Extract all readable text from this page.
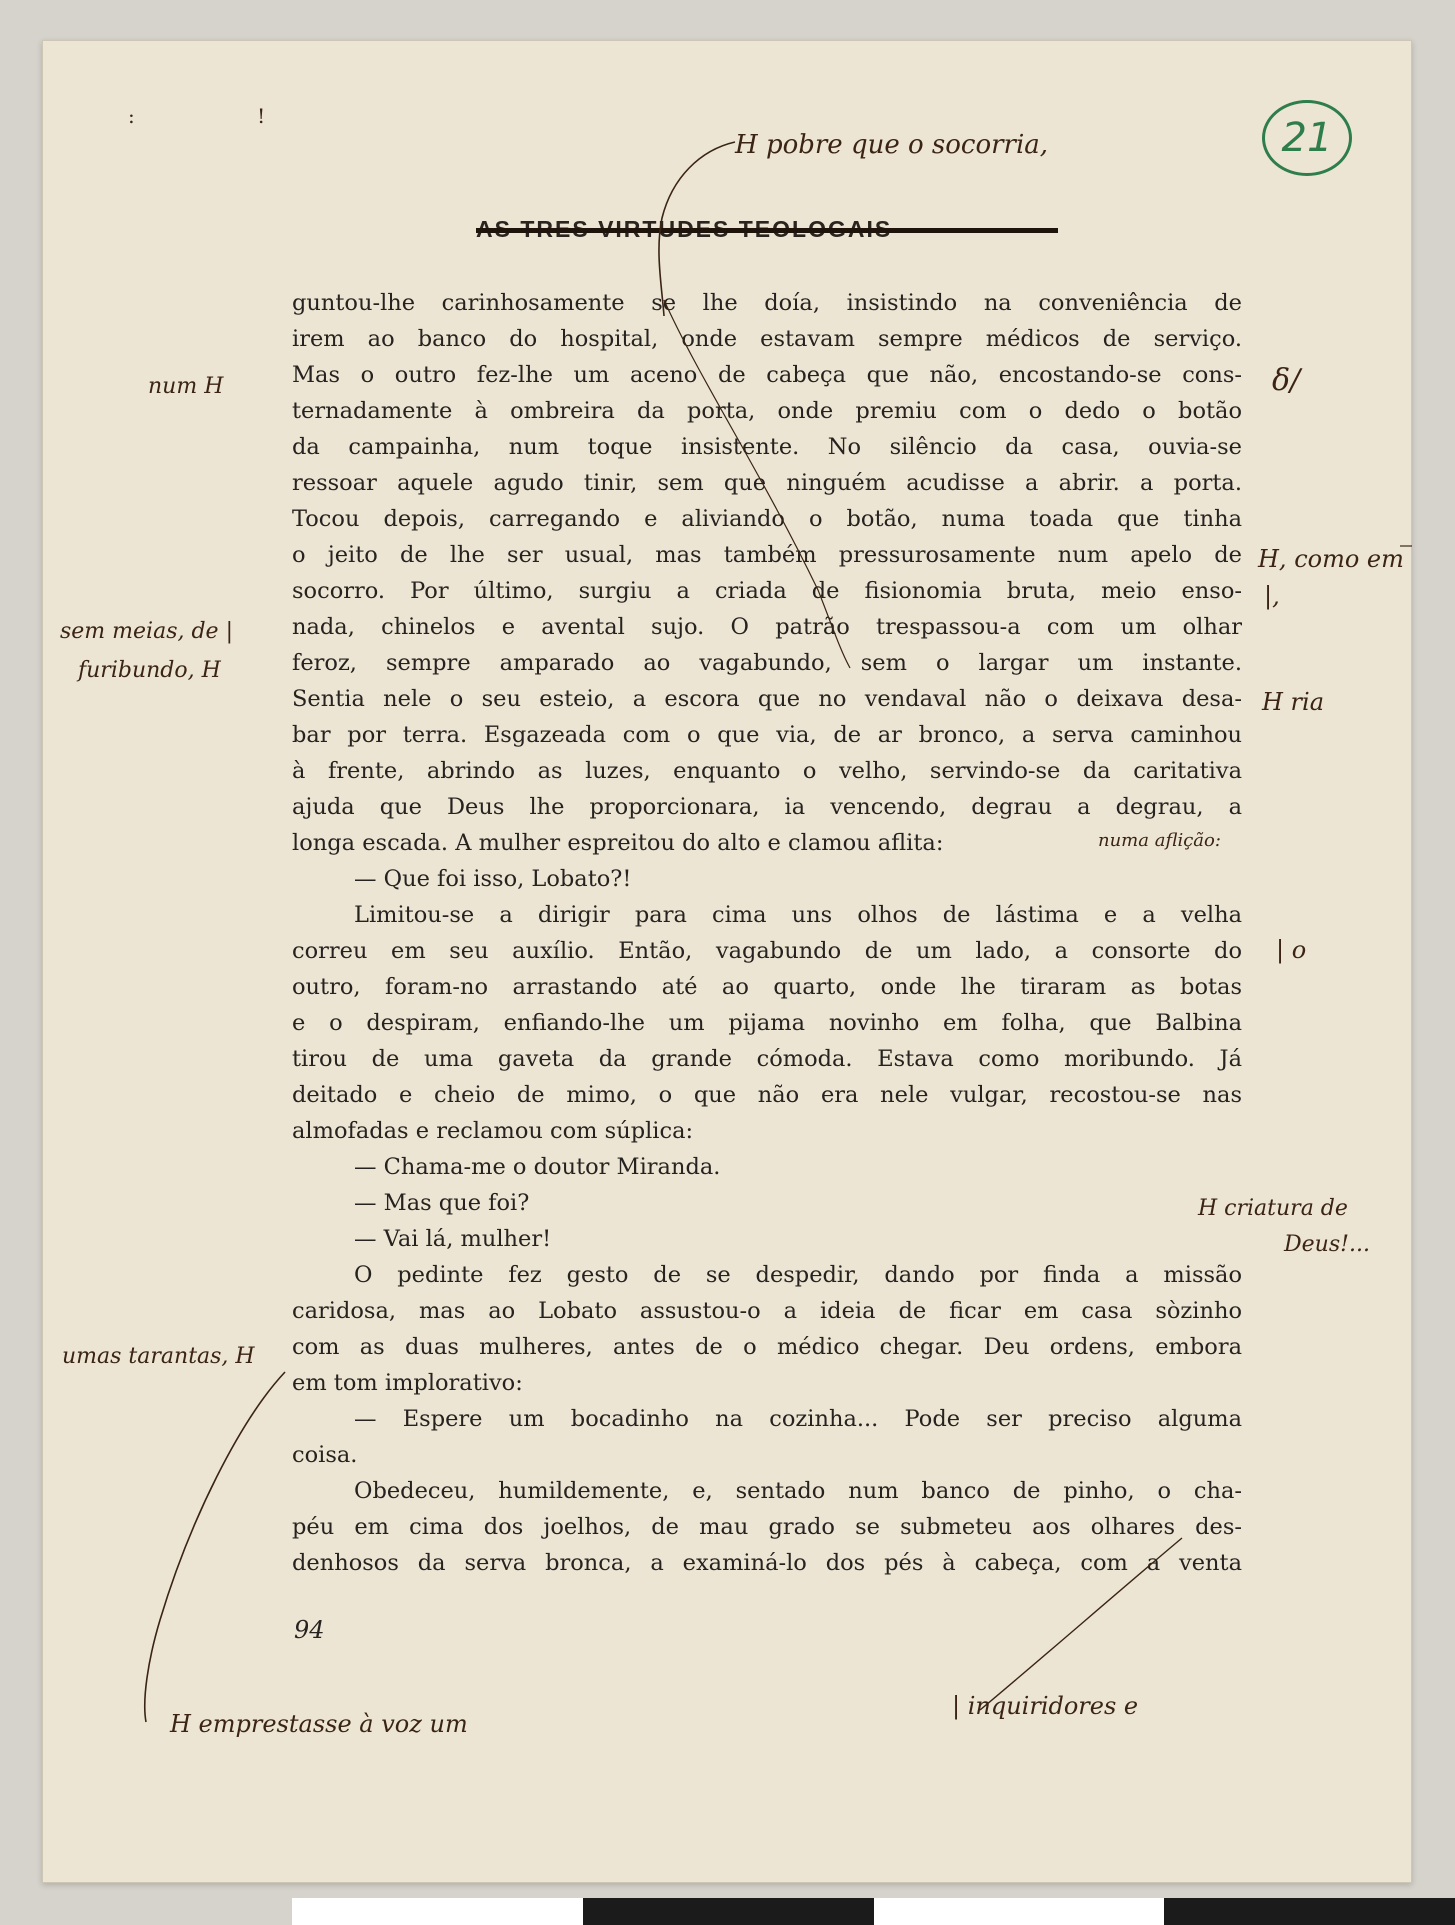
: !	21
guntou-lhe carinhosamente se lhe doía, insistindo na conveniência de
irem ao banco do hospital, onde estavam sempre médicos de serviço.
Mas o outro fez-lhe um aceno de cabeça que não, encostando-se cons-
ternadamente à ombreira da porta, onde premiu com o dedo o botão
da campainha, num toque insistente. No silêncio da casa, ouvia-se
ressoar aquele agudo tinir, sem que ninguém acudisse a abrir. a porta.
Tocou depois, carregando e aliviando o botão, numa toada que tinha
o jeito de lhe ser usual, mas também pressurosamente num apelo de
socorro. Por último, surgiu a criada de fisionomia bruta, meio enso-
nada, chinelos e avental sujo. O patrão trespassou-a com um olhar
feroz, sempre amparado ao vagabundo, sem o largar um instante.
Sentia nele o seu esteio, a escora que no vendaval não o deixava desa-
bar por terra. Esgazeada com o que via, de ar bronco, a serva caminhou
à frente, abrindo as luzes, enquanto o velho, servindo-se da caritativa
ajuda que Deus lhe proporcionara, ia vencendo, degrau a degrau, a
longa escada. A mulher espreitou do alto e clamou aflita:
— Que foi isso, Lobato?!
Limitou-se a dirigir para cima uns olhos de lástima e a velha
correu em seu auxílio. Então, vagabundo de um lado, a consorte do
outro, foram-no arrastando até ao quarto, onde lhe tiraram as botas
e o despiram, enfiando-lhe um pijama novinho em folha, que Balbina
tirou de uma gaveta da grande cómoda. Estava como moribundo. Já
deitado e cheio de mimo, o que não era nele vulgar, recostou-se nas
almofadas e reclamou com súplica:
— Chama-me o doutor Miranda.
— Mas que foi?
— Vai lá, mulher!
O pedinte fez gesto de se despedir, dando por finda a missão
caridosa, mas ao Lobato assustou-o a ideia de ficar em casa sòzinho
com as duas mulheres, antes de o médico chegar. Deu ordens, embora
em tom implorativo:
— Espere um bocadinho na cozinha... Pode ser preciso alguma
coisa.
Obedeceu, humildemente, e, sentado num banco de pinho, o cha-
péu em cima dos joelhos, de mau grado se submeteu aos olhares des-
denhosos da serva bronca, a examiná-lo dos pés à cabeça, com a venta
94
H pobre que o socorria,
num H
sem meias, de |
furibundo, H
δ/
H, como em
|,
H ria
numa aflição:
| o
H criatura de
Deus!...
umas tarantas, H
H emprestasse à voz um
| inquiridores e
